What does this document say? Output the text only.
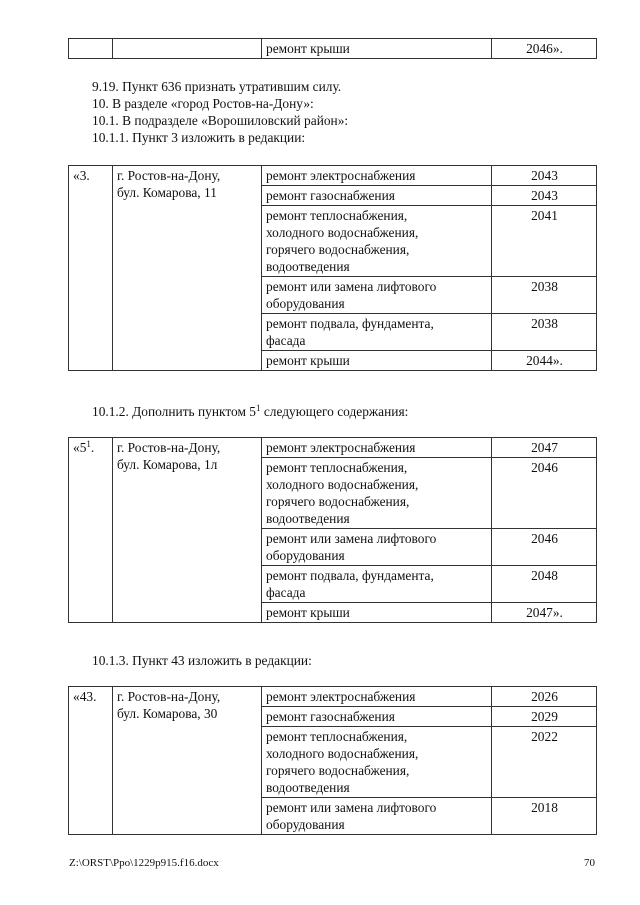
		ремонт крыши	2046».

9.19. Пункт 636 признать утратившим силу.

10. В разделе «город Ростов-на-Дону»:

10.1. В подразделе «Ворошиловский район»:

10.1.1. Пункт 3 изложить в редакции:

«3.	г. Ростов-на-Дону,
бул. Комарова, 11	ремонт электроснабжения	2043
		ремонт газоснабжения	2043
		ремонт теплоснабжения,
холодного водоснабжения,
горячего водоснабжения,
водоотведения	2041
		ремонт или замена лифтового
оборудования	2038
		ремонт подвала, фундамента,
фасада	2038
		ремонт крыши	2044».

10.1.2. Дополнить пунктом $5^1$ следующего содержания:

«$5^1$.	г. Ростов-на-Дону,
бул. Комарова, 1л	ремонт электроснабжения	2047
		ремонт теплоснабжения,
холодного водоснабжения,
горячего водоснабжения,
водоотведения	2046
		ремонт или замена лифтового
оборудования	2046
		ремонт подвала, фундамента,
фасада	2048
		ремонт крыши	2047».

10.1.3. Пункт 43 изложить в редакции:

«43.	г. Ростов-на-Дону,
бул. Комарова, 30	ремонт электроснабжения	2026
		ремонт газоснабжения	2029
		ремонт теплоснабжения,
холодного водоснабжения,
горячего водоснабжения,
водоотведения	2022
		ремонт или замена лифтового
оборудования	2018
Z:\ORST\Ppo\1229p915.f16.docx	70
